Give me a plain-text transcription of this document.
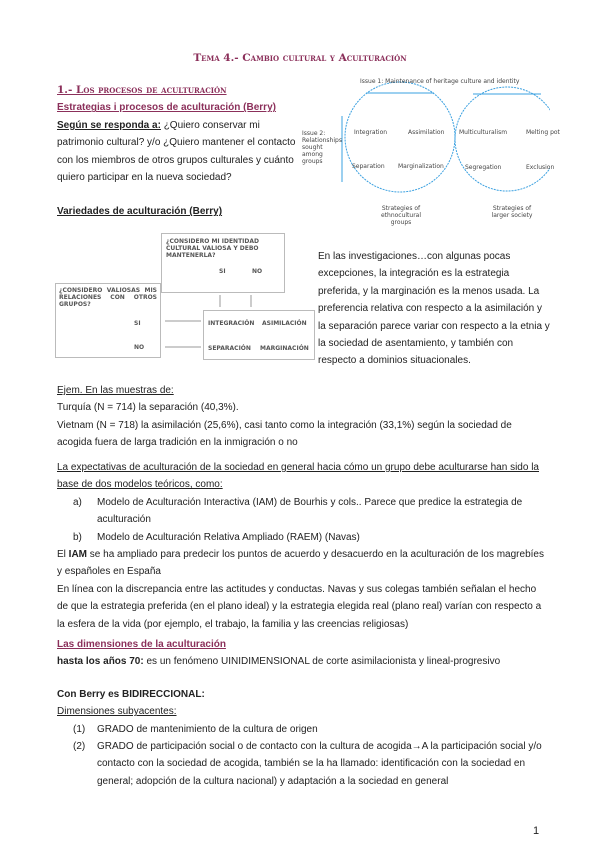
Tema 4.- Cambio cultural y Aculturación
1.- Los procesos de aculturación
Estrategias i procesos de aculturación (Berry)
Según se responda a: ¿Quiero conservar mi patrimonio cultural? y/o ¿Quiero mantener el contacto con los miembros de otros grupos culturales y cuánto quiero participar en la nueva sociedad?
Variedades de aculturación (Berry)
Issue 1: Maintenance of heritage culture and identity
Issue 2: Relationships sought among groups
Integration	Assimilation
Separation Marginalization
Multiculturalism	Melting pot
Segregation	Exclusion
Strategies of ethnocultural groups
Strategies of larger society
¿CONSIDERO MI IDENTIDAD CULTURAL VALIOSA Y DEBO MANTENERLA?
SI	NO
¿CONSIDERO VALIOSAS MIS RELACIONES CON OTROS GRUPOS?
SI
NO
INTEGRACIÓN ASIMILACIÓN
SEPARACIÓN MARGINACIÓN
En las investigaciones…con algunas pocas excepciones, la integración es la estrategia preferida, y la marginación es la menos usada. La preferencia relativa con respecto a la asimilación y la separación parece variar con respecto a la etnia y la sociedad de asentamiento, y también con respecto a dominios situacionales.
Ejem. En las muestras de:
Turquía (N = 714) la separación (40,3%).
Vietnam (N = 718) la asimilación (25,6%), casi tanto como la integración (33,1%) según la sociedad de acogida fuera de larga tradición en la inmigración o no
La expectativas de aculturación de la sociedad en general hacia cómo un grupo debe aculturarse han sido la base de dos modelos teóricos, como:
a) Modelo de Aculturación Interactiva (IAM) de Bourhis y cols.. Parece que predice la estrategia de aculturación
b) Modelo de Aculturación Relativa Ampliado (RAEM) (Navas)
El IAM se ha ampliado para predecir los puntos de acuerdo y desacuerdo en la aculturación de los magrebíes y españoles en España
En línea con la discrepancia entre las actitudes y conductas. Navas y sus colegas también señalan el hecho de que la estrategia preferida (en el plano ideal) y la estrategia elegida real (plano real) varían con respecto a la esfera de la vida (por ejemplo, el trabajo, la familia y las creencias religiosas)
Las dimensiones de la aculturación
hasta los años 70: es un fenómeno UINIDIMENSIONAL de corte asimilacionista y lineal-progresivo
Con Berry es BIDIRECCIONAL:
Dimensiones subyacentes:
(1) GRADO de mantenimiento de la cultura de origen
(2) GRADO de participación social o de contacto con la cultura de acogida→A la participación social y/o contacto con la sociedad de acogida, también se la ha llamado: identificación con la sociedad en general; adopción de la cultura nacional) y adaptación a la sociedad en general
1
